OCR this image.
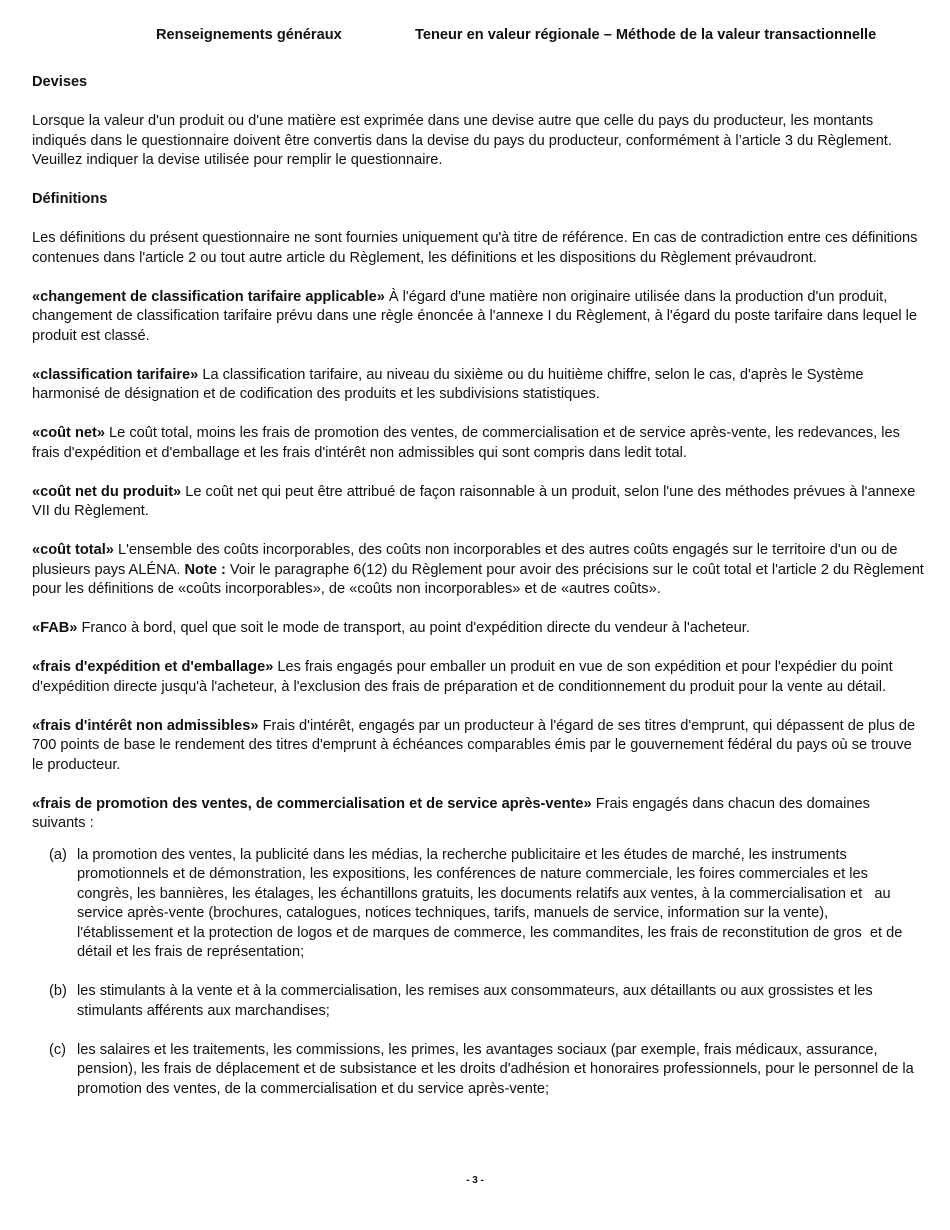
Renseignements généraux	Teneur en valeur régionale – Méthode de la valeur transactionnelle

Devises

Lorsque la valeur d'un produit ou d'une matière est exprimée dans une devise autre que celle du pays du producteur, les montants indiqués dans le questionnaire doivent être convertis dans la devise du pays du producteur, conformément à l’article 3 du Règlement. Veuillez indiquer la devise utilisée pour remplir le questionnaire.

Définitions

Les définitions du présent questionnaire ne sont fournies uniquement qu'à titre de référence. En cas de contradiction entre ces définitions contenues dans l'article 2 ou tout autre article du Règlement, les définitions et les dispositions du Règlement prévaudront.

«changement de classification tarifaire applicable» À l'égard d'une matière non originaire utilisée dans la production d'un produit, changement de classification tarifaire prévu dans une règle énoncée à l'annexe I du Règlement, à l'égard du poste tarifaire dans lequel le produit est classé.

«classification tarifaire» La classification tarifaire, au niveau du sixième ou du huitième chiffre, selon le cas, d'après le Système harmonisé de désignation et de codification des produits et les subdivisions statistiques.

«coût net» Le coût total, moins les frais de promotion des ventes, de commercialisation et de service après-vente, les redevances, les frais d'expédition et d'emballage et les frais d'intérêt non admissibles qui sont compris dans ledit total.

«coût net du produit» Le coût net qui peut être attribué de façon raisonnable à un produit, selon l'une des méthodes prévues à l'annexe VII du Règlement.

«coût total» L'ensemble des coûts incorporables, des coûts non incorporables et des autres coûts engagés sur le territoire d'un ou de plusieurs pays ALÉNA. Note : Voir le paragraphe 6(12) du Règlement pour avoir des précisions sur le coût total et l'article 2 du Règlement pour les définitions de «coûts incorporables», de «coûts non incorporables» et de «autres coûts».

«FAB» Franco à bord, quel que soit le mode de transport, au point d'expédition directe du vendeur à l'acheteur.

«frais d'expédition et d'emballage» Les frais engagés pour emballer un produit en vue de son expédition et pour l'expédier du point d'expédition directe jusqu'à l'acheteur, à l'exclusion des frais de préparation et de conditionnement du produit pour la vente au détail.

«frais d'intérêt non admissibles» Frais d'intérêt, engagés par un producteur à l'égard de ses titres d'emprunt, qui dépassent de plus de 700 points de base le rendement des titres d'emprunt à échéances comparables émis par le gouvernement fédéral du pays où se trouve le producteur.

«frais de promotion des ventes, de commercialisation et de service après-vente» Frais engagés dans chacun des domaines suivants :

(a) la promotion des ventes, la publicité dans les médias, la recherche publicitaire et les études de marché, les instruments promotionnels et de démonstration, les expositions, les conférences de nature commerciale, les foires commerciales et les congrès, les bannières, les étalages, les échantillons gratuits, les documents relatifs aux ventes, à la commercialisation et   au service après-vente (brochures, catalogues, notices techniques, tarifs, manuels de service, information sur la vente),      l'établissement et la protection de logos et de marques de commerce, les commandites, les frais de reconstitution de gros  et de détail et les frais de représentation;
(b) les stimulants à la vente et à la commercialisation, les remises aux consommateurs, aux détaillants ou aux grossistes et les stimulants afférents aux marchandises;
(c) les salaires et les traitements, les commissions, les primes, les avantages sociaux (par exemple, frais médicaux, assurance, pension), les frais de déplacement et de subsistance et les droits d'adhésion et honoraires professionnels, pour le personnel de la promotion des ventes, de la commercialisation et du service après-vente;
- 3 -
